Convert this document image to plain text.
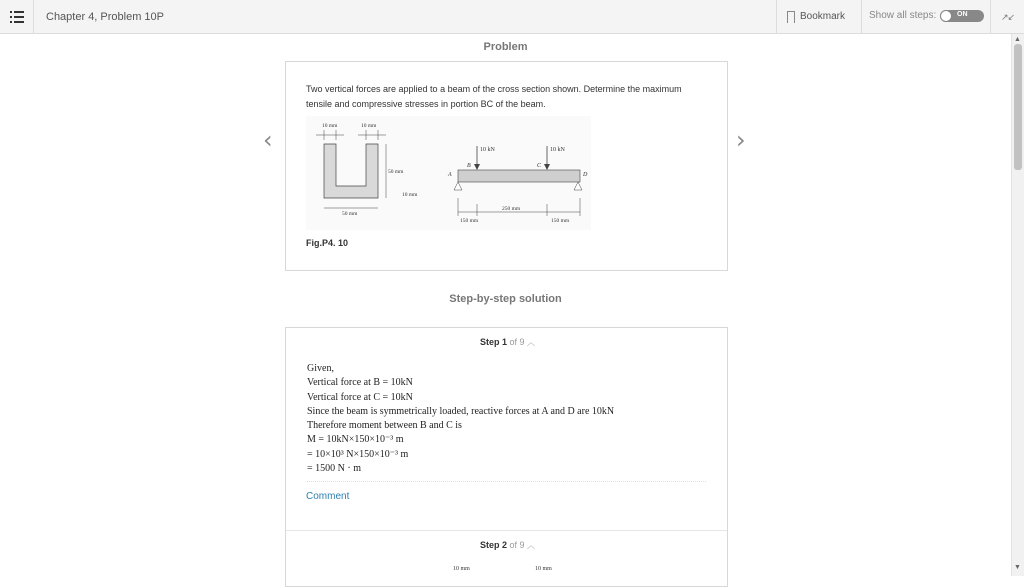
Chapter 4, Problem 10P	Bookmark Show all steps:	ON	↗↙
▲
▼
Problem
‹	›
Two vertical forces are applied to a beam of the cross section shown. Determine the maximum tensile and compressive stresses in portion BC of the beam.
10 mm	10 mm
50 mm
10 mm
50 mm
10 kN	10 kN
A
B	C
D
150 mm
250 mm
150 mm
Fig.P4. 10
Step-by-step solution
Step 1 of 9 ︿
Given,
Vertical force at B = 10kN
Vertical force at C = 10kN
Since the beam is symmetrically loaded, reactive forces at A and D are 10kN
Therefore moment between B and C is
M = 10kN×150×10⁻³ m
= 10×10³ N×150×10⁻³ m
= 1500 N · m
Comment
Step 2 of 9 ︿
10 mm	10 mm
